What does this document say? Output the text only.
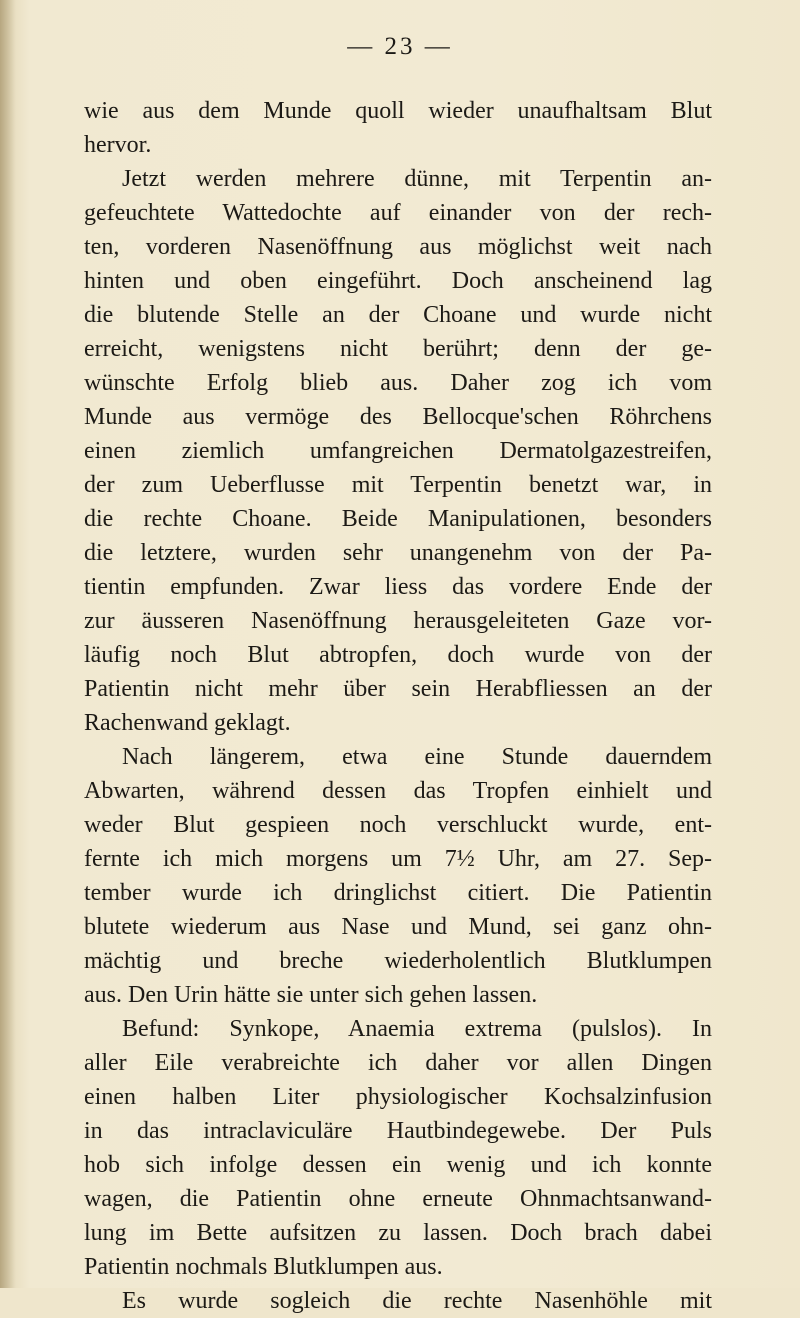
— 23 —
wie aus dem Munde quoll wieder unaufhaltsam Blut
hervor.
Jetzt werden mehrere dünne, mit Terpentin an-
gefeuchtete Wattedochte auf einander von der rech-
ten, vorderen Nasenöffnung aus möglichst weit nach
hinten und oben eingeführt. Doch anscheinend lag
die blutende Stelle an der Choane und wurde nicht
erreicht, wenigstens nicht berührt; denn der ge-
wünschte Erfolg blieb aus. Daher zog ich vom
Munde aus vermöge des Bellocque'schen Röhrchens
einen ziemlich umfangreichen Dermatolgazestreifen,
der zum Ueberflusse mit Terpentin benetzt war, in
die rechte Choane. Beide Manipulationen, besonders
die letztere, wurden sehr unangenehm von der Pa-
tientin empfunden. Zwar liess das vordere Ende der
zur äusseren Nasenöffnung herausgeleiteten Gaze vor-
läufig noch Blut abtropfen, doch wurde von der
Patientin nicht mehr über sein Herabfliessen an der
Rachenwand geklagt.
Nach längerem, etwa eine Stunde dauerndem
Abwarten, während dessen das Tropfen einhielt und
weder Blut gespieen noch verschluckt wurde, ent-
fernte ich mich morgens um 7½ Uhr, am 27. Sep-
tember wurde ich dringlichst citiert. Die Patientin
blutete wiederum aus Nase und Mund, sei ganz ohn-
mächtig und breche wiederholentlich Blutklumpen
aus. Den Urin hätte sie unter sich gehen lassen.
Befund: Synkope, Anaemia extrema (pulslos). In
aller Eile verabreichte ich daher vor allen Dingen
einen halben Liter physiologischer Kochsalzinfusion
in das intraclaviculäre Hautbindegewebe. Der Puls
hob sich infolge dessen ein wenig und ich konnte
wagen, die Patientin ohne erneute Ohnmachtsanwand-
lung im Bette aufsitzen zu lassen. Doch brach dabei
Patientin nochmals Blutklumpen aus.
Es wurde sogleich die rechte Nasenhöhle mit
